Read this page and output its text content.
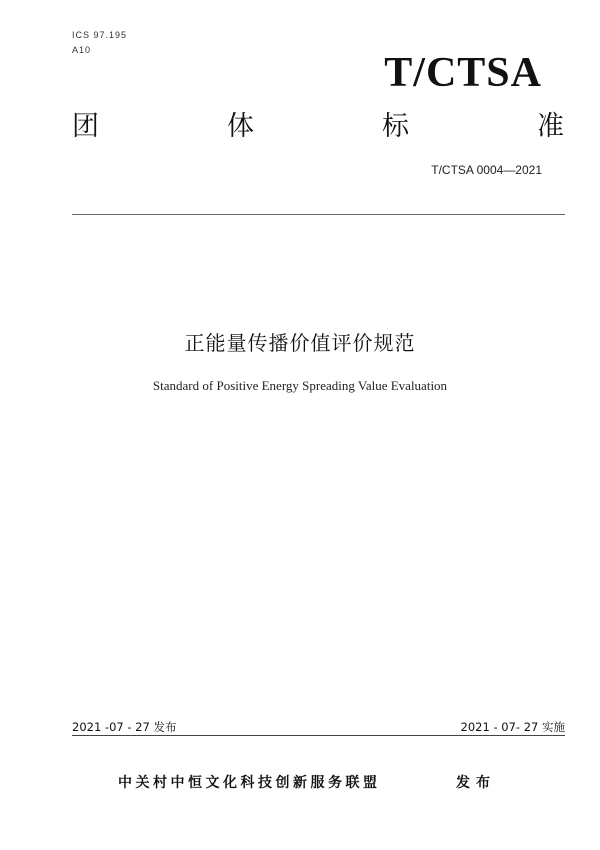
ICS 97.195
A10	T/CTSA
团	体	标	准
T/CTSA 0004—2021
正能量传播价值评价规范
Standard of Positive Energy Spreading Value Evaluation
2021 -07 - 27 发布	2021 - 07- 27 实施
中关村中恒文化科技创新服务联盟	发布
